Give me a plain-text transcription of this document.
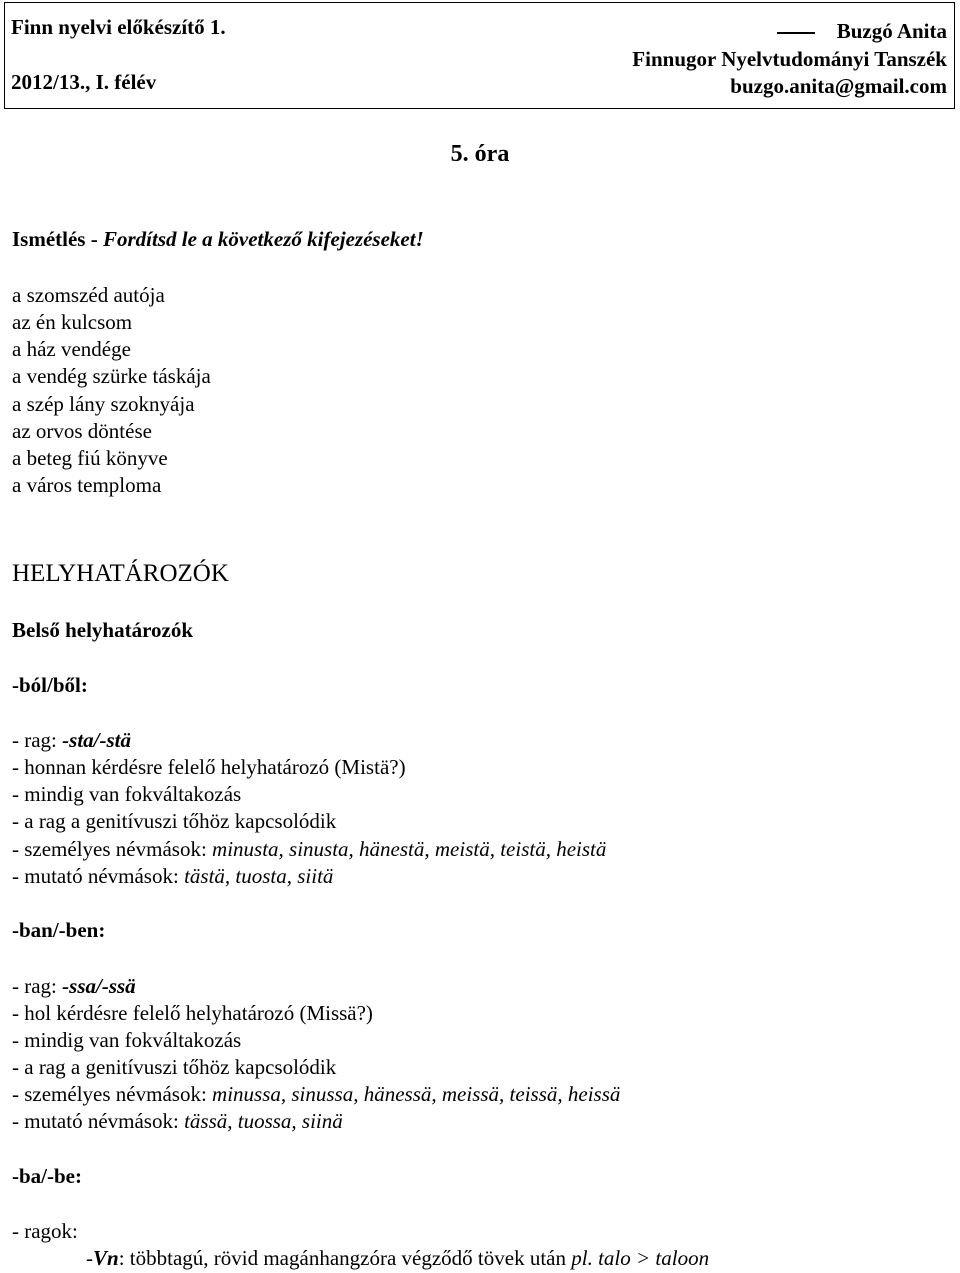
Finn nyelvi előkészítő 1.
2012/13., I. félév
Buzgó Anita
Finnugor Nyelvtudományi Tanszék
buzgo.anita@gmail.com
5. óra
Ismétlés - Fordítsd le a következő kifejezéseket!
a szomszéd autója
az én kulcsom
a ház vendége
a vendég szürke táskája
a szép lány szoknyája
az orvos döntése
a beteg fiú könyve
a város temploma
HELYHATÁROZÓK
Belső helyhatározók
-ból/ből:
- rag: -sta/-stä
- honnan kérdésre felelő helyhatározó (Mistä?)
- mindig van fokváltakozás
- a rag a genitívuszi tőhöz kapcsolódik
- személyes névmások: minusta, sinusta, hänestä, meistä, teistä, heistä
- mutató névmások: tästä, tuosta, siitä
-ban/-ben:
- rag: -ssa/-ssä
- hol kérdésre felelő helyhatározó (Missä?)
- mindig van fokváltakozás
- a rag a genitívuszi tőhöz kapcsolódik
- személyes névmások: minussa, sinussa, hänessä, meissä, teissä, heissä
- mutató névmások: tässä, tuossa, siinä
-ba/-be:
- ragok:
-Vn: többtagú, rövid magánhangzóra végződő tövek után pl. talo > taloon
